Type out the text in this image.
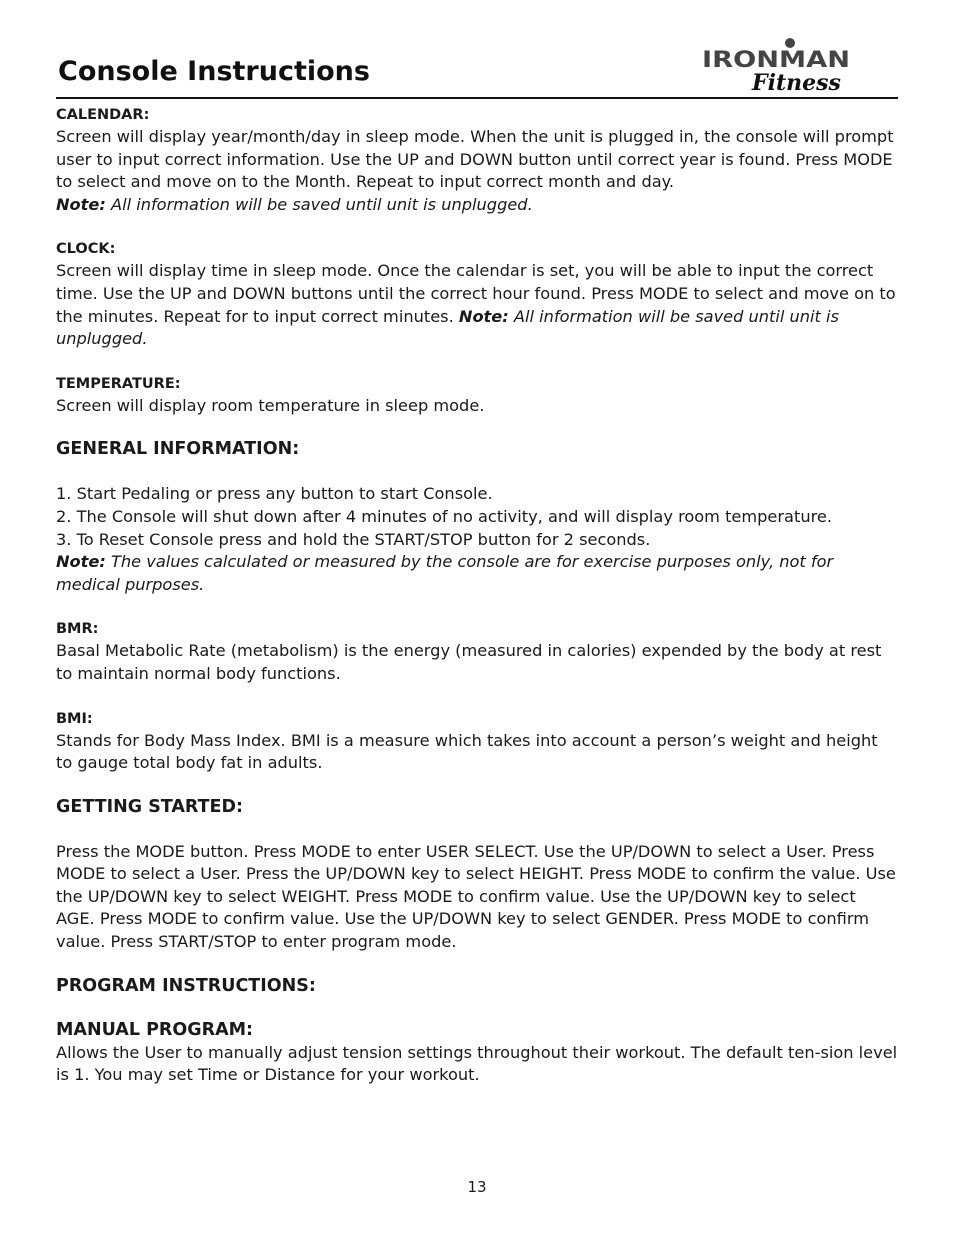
Console Instructions	IRONMAN
Fitness

CALENDAR:

Screen will display year/month/day in sleep mode. When the unit is plugged in, the console will prompt user to input correct information. Use the UP and DOWN button until correct year is found. Press MODE to select and move on to the Month. Repeat to input correct month and day.
Note: All information will be saved until unit is unplugged.

CLOCK:

Screen will display time in sleep mode. Once the calendar is set, you will be able to input the correct time. Use the UP and DOWN buttons until the correct hour found. Press MODE to select and move on to the minutes. Repeat for to input correct minutes. Note: All information will be saved until unit is unplugged.

TEMPERATURE:

Screen will display room temperature in sleep mode.

GENERAL INFORMATION:

1. Start Pedaling or press any button to start Console.

2. The Console will shut down after 4 minutes of no activity, and will display room temperature.

3. To Reset Console press and hold the START/STOP button for 2 seconds.

Note: The values calculated or measured by the console are for exercise purposes only, not for medical purposes.

BMR:

Basal Metabolic Rate (metabolism) is the energy (measured in calories) expended by the body at rest to maintain normal body functions.

BMI:

Stands for Body Mass Index. BMI is a measure which takes into account a person’s weight and height to gauge total body fat in adults.

GETTING STARTED:

Press the MODE button. Press MODE to enter USER SELECT. Use the UP/DOWN to select a User. Press MODE to select a User. Press the UP/DOWN key to select HEIGHT. Press MODE to confirm the value. Use the UP/DOWN key to select WEIGHT. Press MODE to confirm value. Use the UP/DOWN key to select AGE. Press MODE to confirm value. Use the UP/DOWN key to select GENDER. Press MODE to confirm value. Press START/STOP to enter program mode.

PROGRAM INSTRUCTIONS:

MANUAL PROGRAM:

Allows the User to manually adjust tension settings throughout their workout. The default ten-sion level is 1. You may set Time or Distance for your workout.

13
